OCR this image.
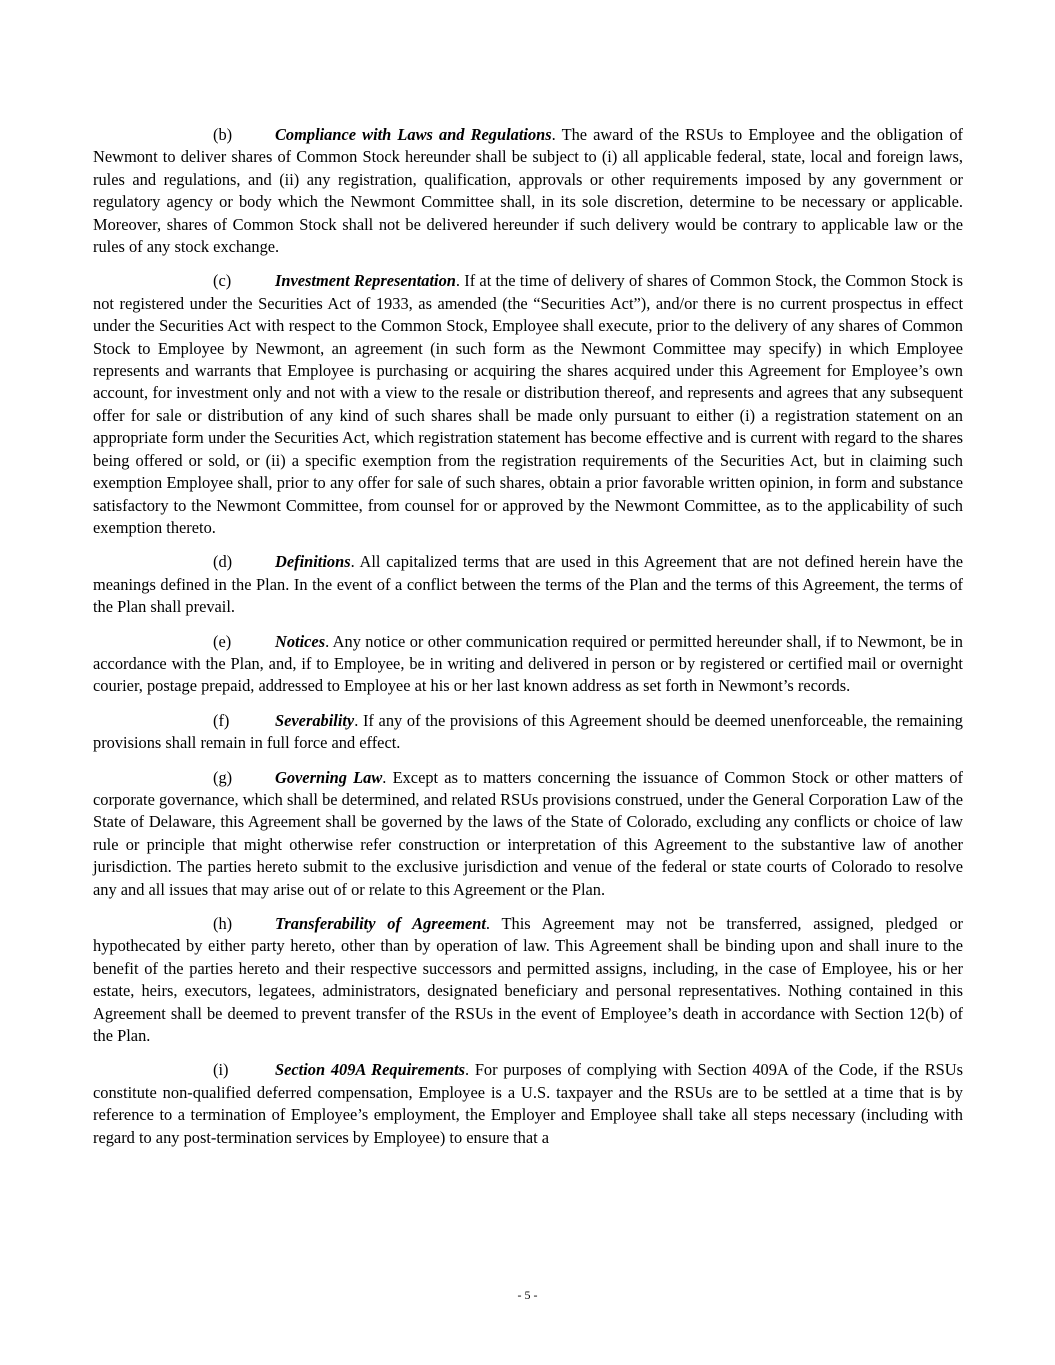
(b)	Compliance with Laws and Regulations. The award of the RSUs to Employee and the obligation of Newmont to deliver shares of Common Stock hereunder shall be subject to (i) all applicable federal, state, local and foreign laws, rules and regulations, and (ii) any registration, qualification, approvals or other requirements imposed by any government or regulatory agency or body which the Newmont Committee shall, in its sole discretion, determine to be necessary or applicable. Moreover, shares of Common Stock shall not be delivered hereunder if such delivery would be contrary to applicable law or the rules of any stock exchange.

(c)	Investment Representation. If at the time of delivery of shares of Common Stock, the Common Stock is not registered under the Securities Act of 1933, as amended (the “Securities Act”), and/or there is no current prospectus in effect under the Securities Act with respect to the Common Stock, Employee shall execute, prior to the delivery of any shares of Common Stock to Employee by Newmont, an agreement (in such form as the Newmont Committee may specify) in which Employee represents and warrants that Employee is purchasing or acquiring the shares acquired under this Agreement for Employee’s own account, for investment only and not with a view to the resale or distribution thereof, and represents and agrees that any subsequent offer for sale or distribution of any kind of such shares shall be made only pursuant to either (i) a registration statement on an appropriate form under the Securities Act, which registration statement has become effective and is current with regard to the shares being offered or sold, or (ii) a specific exemption from the registration requirements of the Securities Act, but in claiming such exemption Employee shall, prior to any offer for sale of such shares, obtain a prior favorable written opinion, in form and substance satisfactory to the Newmont Committee, from counsel for or approved by the Newmont Committee, as to the applicability of such exemption thereto.

(d)	Definitions. All capitalized terms that are used in this Agreement that are not defined herein have the meanings defined in the Plan. In the event of a conflict between the terms of the Plan and the terms of this Agreement, the terms of the Plan shall prevail.

(e)	Notices. Any notice or other communication required or permitted hereunder shall, if to Newmont, be in accordance with the Plan, and, if to Employee, be in writing and delivered in person or by registered or certified mail or overnight courier, postage prepaid, addressed to Employee at his or her last known address as set forth in Newmont’s records.

(f)	Severability. If any of the provisions of this Agreement should be deemed unenforceable, the remaining provisions shall remain in full force and effect.

(g)	Governing Law. Except as to matters concerning the issuance of Common Stock or other matters of corporate governance, which shall be determined, and related RSUs provisions construed, under the General Corporation Law of the State of Delaware, this Agreement shall be governed by the laws of the State of Colorado, excluding any conflicts or choice of law rule or principle that might otherwise refer construction or interpretation of this Agreement to the substantive law of another jurisdiction. The parties hereto submit to the exclusive jurisdiction and venue of the federal or state courts of Colorado to resolve any and all issues that may arise out of or relate to this Agreement or the Plan.

(h)	Transferability of Agreement. This Agreement may not be transferred, assigned, pledged or hypothecated by either party hereto, other than by operation of law. This Agreement shall be binding upon and shall inure to the benefit of the parties hereto and their respective successors and permitted assigns, including, in the case of Employee, his or her estate, heirs, executors, legatees, administrators, designated beneficiary and personal representatives. Nothing contained in this Agreement shall be deemed to prevent transfer of the RSUs in the event of Employee’s death in accordance with Section 12(b) of the Plan.

(i)	Section 409A Requirements. For purposes of complying with Section 409A of the Code, if the RSUs constitute non-qualified deferred compensation, Employee is a U.S. taxpayer and the RSUs are to be settled at a time that is by reference to a termination of Employee’s employment, the Employer and Employee shall take all steps necessary (including with regard to any post-termination services by Employee) to ensure that a

- 5 -
